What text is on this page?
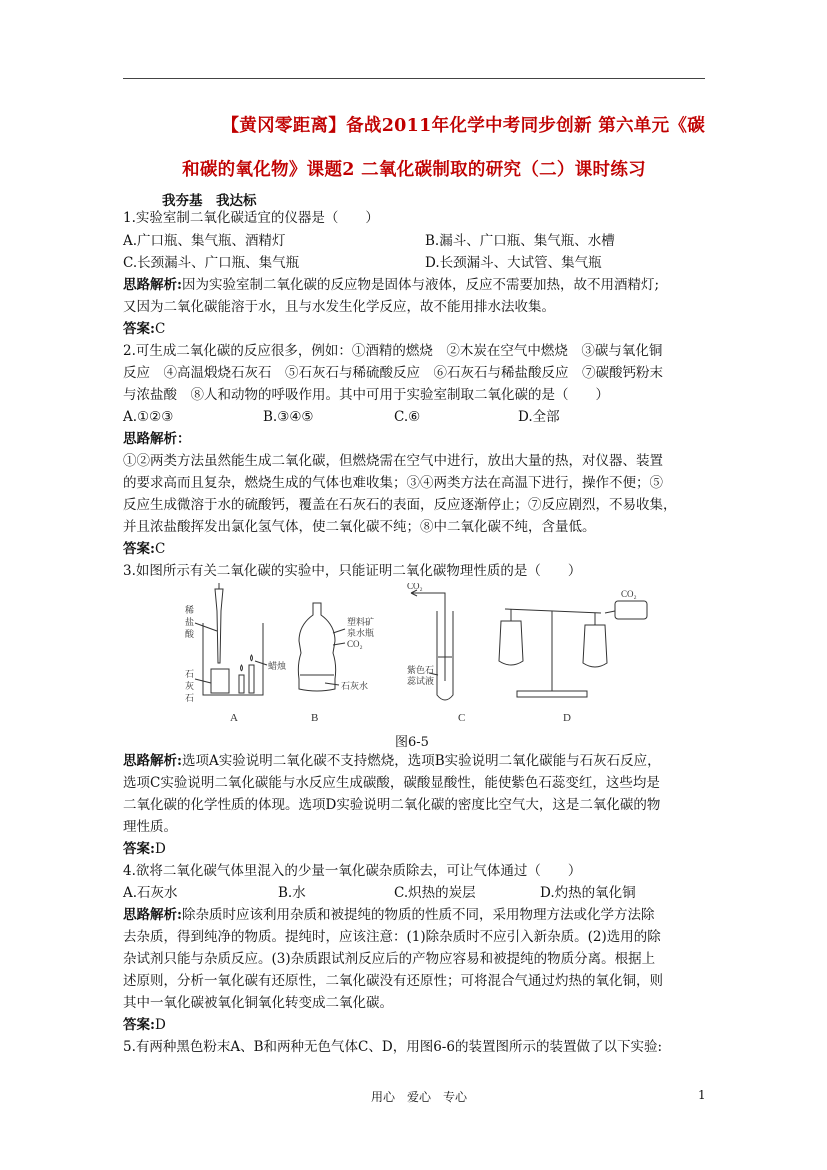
【黄冈零距离】备战2011年化学中考同步创新 第六单元《碳
和碳的氧化物》课题2 二氧化碳制取的研究（二）课时练习
我夯基　我达标
1.实验室制二氧化碳适宜的仪器是（　　）
A.广口瓶、集气瓶、酒精灯	B.漏斗、广口瓶、集气瓶、水槽
C.长颈漏斗、广口瓶、集气瓶	D.长颈漏斗、大试管、集气瓶
思路解析:因为实验室制二氧化碳的反应物是固体与液体，反应不需要加热，故不用酒精灯;
又因为二氧化碳能溶于水，且与水发生化学反应，故不能用排水法收集。
答案:C
2.可生成二氧化碳的反应很多，例如：①酒精的燃烧　②木炭在空气中燃烧　③碳与氧化铜
反应　④高温煅烧石灰石　⑤石灰石与稀硫酸反应　⑥石灰石与稀盐酸反应　⑦碳酸钙粉末
与浓盐酸　⑧人和动物的呼吸作用。其中可用于实验室制取二氧化碳的是（　　）
A.①②③	B.③④⑤	C.⑥	D.全部
思路解析：
①②两类方法虽然能生成二氧化碳，但燃烧需在空气中进行，放出大量的热，对仪器、装置
的要求高而且复杂，燃烧生成的气体也难收集；③④两类方法在高温下进行，操作不便；⑤
反应生成微溶于水的硫酸钙，覆盖在石灰石的表面，反应逐渐停止；⑦反应剧烈，不易收集，
并且浓盐酸挥发出氯化氢气体，使二氧化碳不纯；⑧中二氧化碳不纯，含量低。
答案:C
3.如图所示有关二氧化碳的实验中，只能证明二氧化碳物理性质的是（　　）
稀
盐
酸
石
灰
石
蜡烛
A
塑料矿
泉水瓶
CO₂
石灰水
B
CO₂
紫色石
蕊试液
C
CO₂
D
图6-5
思路解析:选项A实验说明二氧化碳不支持燃烧，选项B实验说明二氧化碳能与石灰石反应，
选项C实验说明二氧化碳能与水反应生成碳酸，碳酸显酸性，能使紫色石蕊变红，这些均是
二氧化碳的化学性质的体现。选项D实验说明二氧化碳的密度比空气大，这是二氧化碳的物
理性质。
答案:D
4.欲将二氧化碳气体里混入的少量一氧化碳杂质除去，可让气体通过（　　）
A.石灰水	B.水	C.炽热的炭层	D.灼热的氧化铜
思路解析:除杂质时应该利用杂质和被提纯的物质的性质不同，采用物理方法或化学方法除
去杂质，得到纯净的物质。提纯时，应该注意：(1)除杂质时不应引入新杂质。(2)选用的除
杂试剂只能与杂质反应。(3)杂质跟试剂反应后的产物应容易和被提纯的物质分离。根据上
述原则，分析一氧化碳有还原性，二氧化碳没有还原性；可将混合气通过灼热的氧化铜，则
其中一氧化碳被氧化铜氧化转变成二氧化碳。
答案:D
5.有两种黑色粉末A、B和两种无色气体C、D，用图6-6的装置图所示的装置做了以下实验:
用心　爱心　专心	1
